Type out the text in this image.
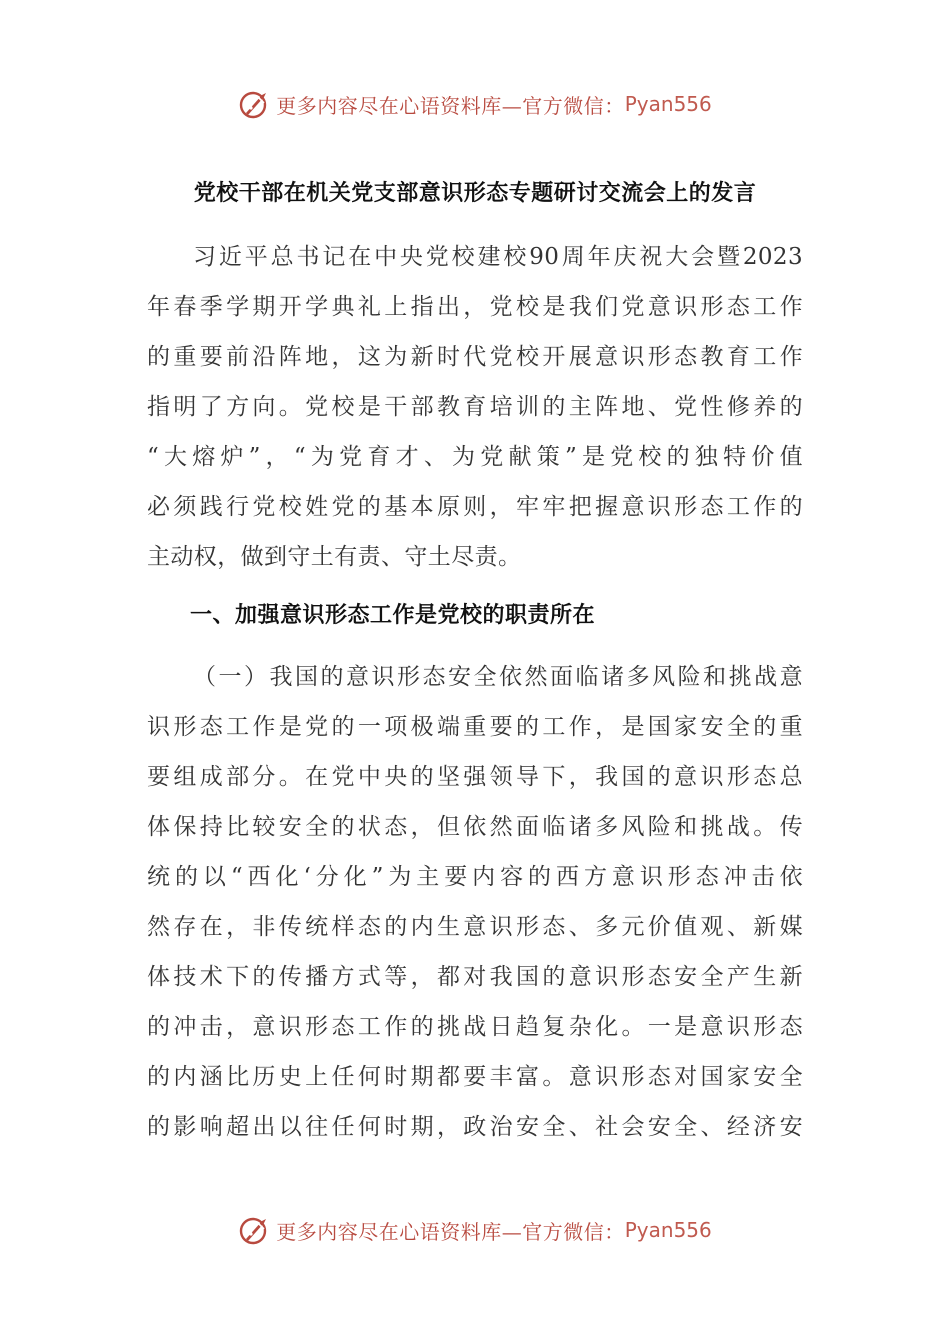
更多内容尽在心语资料库—官方微信： Pyan556
党校干部在机关党支部意识形态专题研讨交流会上的发言
习近平总书记在中央党校建校90周年庆祝大会暨2023
年春季学期开学典礼上指出，党校是我们党意识形态工作
的重要前沿阵地，这为新时代党校开展意识形态教育工作
指明了方向。党校是干部教育培训的主阵地、党性修养的
“大熔炉”，“为党育才、为党献策”是党校的独特价值
必须践行党校姓党的基本原则，牢牢把握意识形态工作的
主动权，做到守土有责、守土尽责。
一、加强意识形态工作是党校的职责所在
（一）我国的意识形态安全依然面临诸多风险和挑战意
识形态工作是党的一项极端重要的工作，是国家安全的重
要组成部分。在党中央的坚强领导下，我国的意识形态总
体保持比较安全的状态，但依然面临诸多风险和挑战。传
统的以“西化‘分化”为主要内容的西方意识形态冲击依
然存在，非传统样态的内生意识形态、多元价值观、新媒
体技术下的传播方式等，都对我国的意识形态安全产生新
的冲击，意识形态工作的挑战日趋复杂化。一是意识形态
的内涵比历史上任何时期都要丰富。意识形态对国家安全
的影响超出以往任何时期，政治安全、社会安全、经济安
更多内容尽在心语资料库—官方微信： Pyan556
